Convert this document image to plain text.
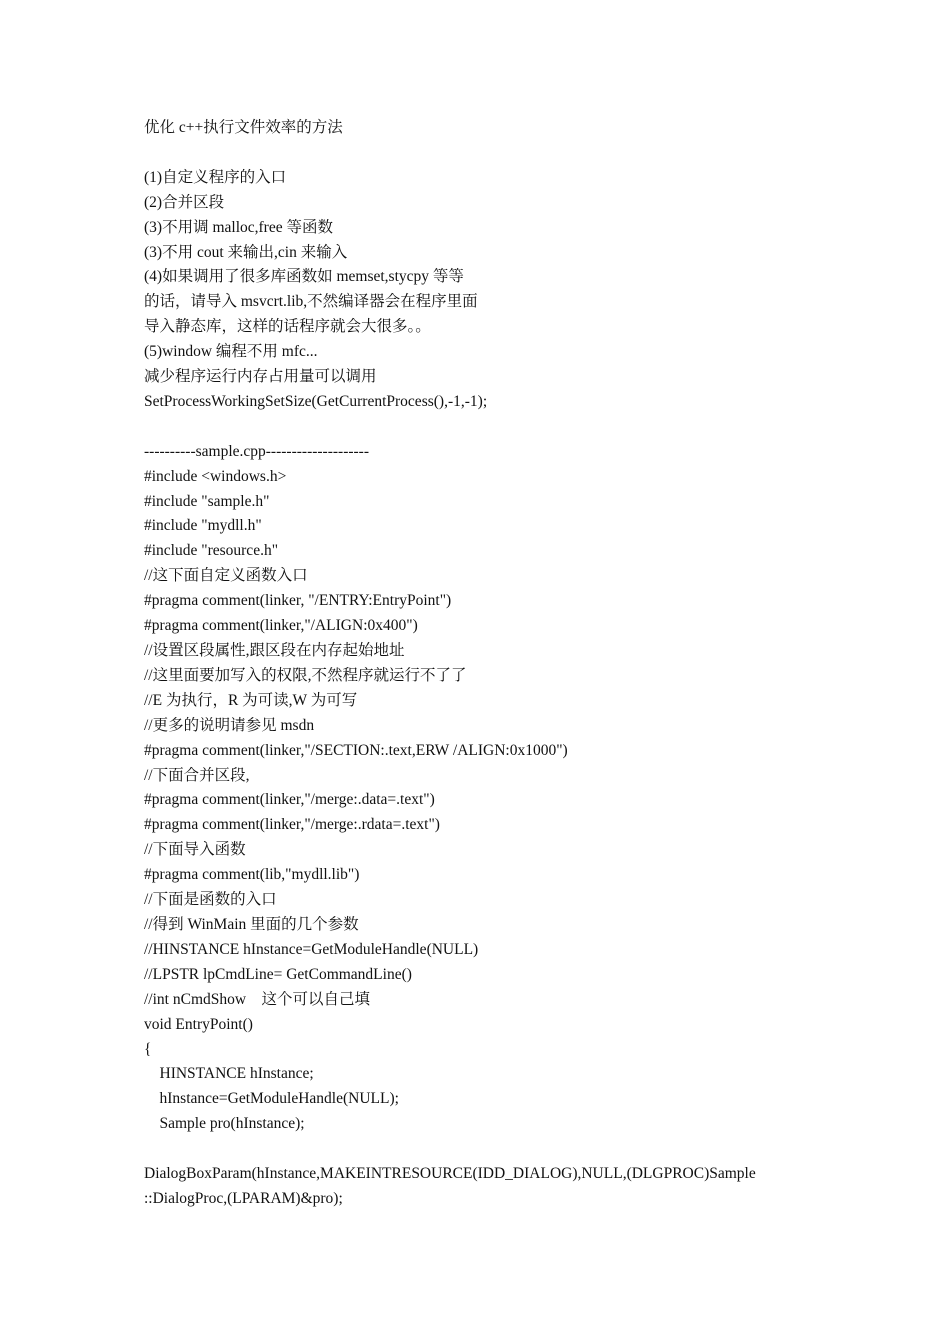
优化 c++执行文件效率的方法
(1)自定义程序的入口
(2)合并区段
(3)不用调 malloc,free 等函数
(3)不用 cout 来输出,cin 来输入
(4)如果调用了很多库函数如 memset,stycpy 等等
的话，请导入 msvcrt.lib,不然编译器会在程序里面
导入静态库，这样的话程序就会大很多。。
(5)window 编程不用 mfc...
减少程序运行内存占用量可以调用
SetProcessWorkingSetSize(GetCurrentProcess(),-1,-1);
----------sample.cpp--------------------
#include <windows.h>
#include "sample.h"
#include "mydll.h"
#include "resource.h"
//这下面自定义函数入口
#pragma comment(linker, "/ENTRY:EntryPoint")
#pragma comment(linker,"/ALIGN:0x400")
//设置区段属性,跟区段在内存起始地址
//这里面要加写入的权限,不然程序就运行不了了
//E 为执行，R 为可读,W 为可写
//更多的说明请参见 msdn
#pragma comment(linker,"/SECTION:.text,ERW /ALIGN:0x1000")
//下面合并区段,
#pragma comment(linker,"/merge:.data=.text")
#pragma comment(linker,"/merge:.rdata=.text")
//下面导入函数
#pragma comment(lib,"mydll.lib")
//下面是函数的入口
//得到 WinMain 里面的几个参数
//HINSTANCE hInstance=GetModuleHandle(NULL)
//LPSTR lpCmdLine= GetCommandLine()
//int nCmdShow    这个可以自己填
void EntryPoint()
{
HINSTANCE hInstance;
hInstance=GetModuleHandle(NULL);
Sample pro(hInstance);
DialogBoxParam(hInstance,MAKEINTRESOURCE(IDD_DIALOG),NULL,(DLGPROC)Sample
::DialogProc,(LPARAM)&pro);
